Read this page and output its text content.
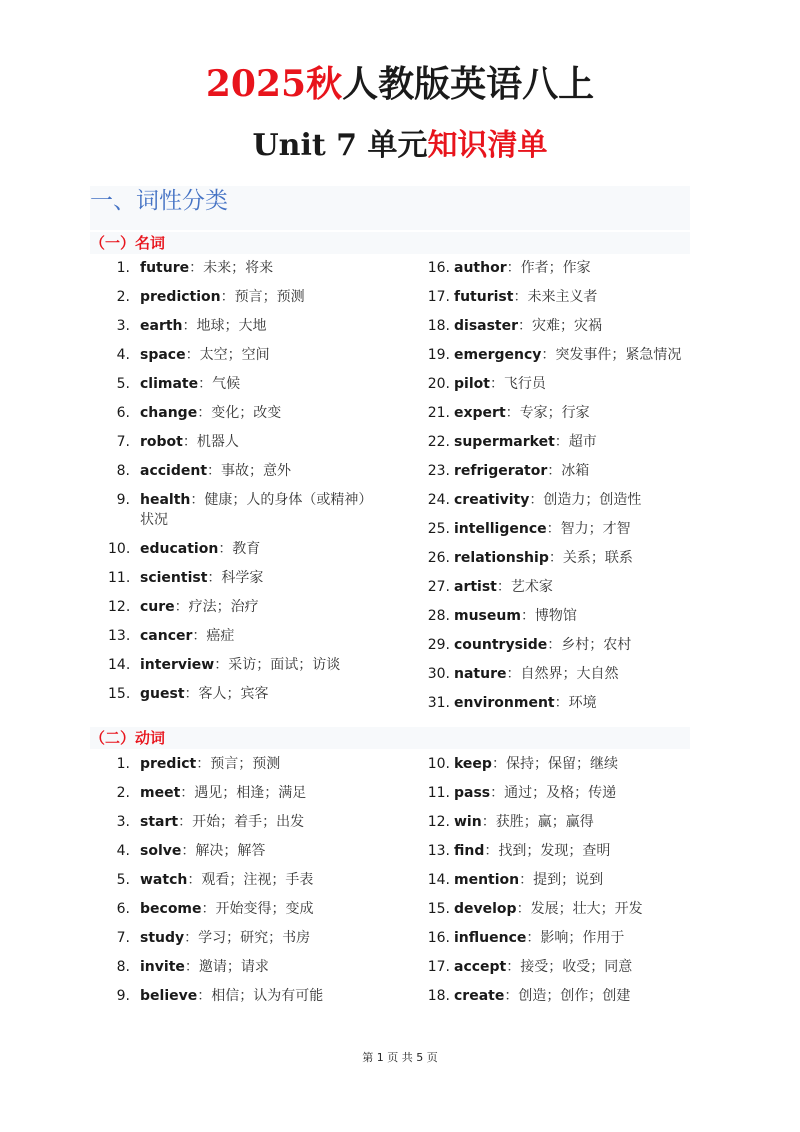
2025秋人教版英语八上
Unit 7 单元知识清单
一、词性分类
（一）名词
1. future：未来；将来
2. prediction：预言；预测
3. earth：地球；大地
4. space：太空；空间
5. climate：气候
6. change：变化；改变
7. robot：机器人
8. accident：事故；意外
9. health：健康；人的身体（或精神）
状况
10. education：教育
11. scientist：科学家
12. cure：疗法；治疗
13. cancer：癌症
14. interview：采访；面试；访谈
15. guest：客人；宾客
16. author：作者；作家
17. futurist：未来主义者
18. disaster：灾难；灾祸
19. emergency：突发事件；紧急情况
20. pilot：飞行员
21. expert：专家；行家
22. supermarket：超市
23. refrigerator：冰箱
24. creativity：创造力；创造性
25. intelligence：智力；才智
26. relationship：关系；联系
27. artist：艺术家
28. museum：博物馆
29. countryside：乡村；农村
30. nature：自然界；大自然
31. environment：环境
（二）动词
1. predict：预言；预测
2. meet：遇见；相逢；满足
3. start：开始；着手；出发
4. solve：解决；解答
5. watch：观看；注视；手表
6. become：开始变得；变成
7. study：学习；研究；书房
8. invite：邀请；请求
9. believe：相信；认为有可能
10. keep：保持；保留；继续
11. pass：通过；及格；传递
12. win：获胜；赢；赢得
13. find：找到；发现；查明
14. mention：提到；说到
15. develop：发展；壮大；开发
16. influence：影响；作用于
17. accept：接受；收受；同意
18. create：创造；创作；创建
第 1 页 共 5 页
